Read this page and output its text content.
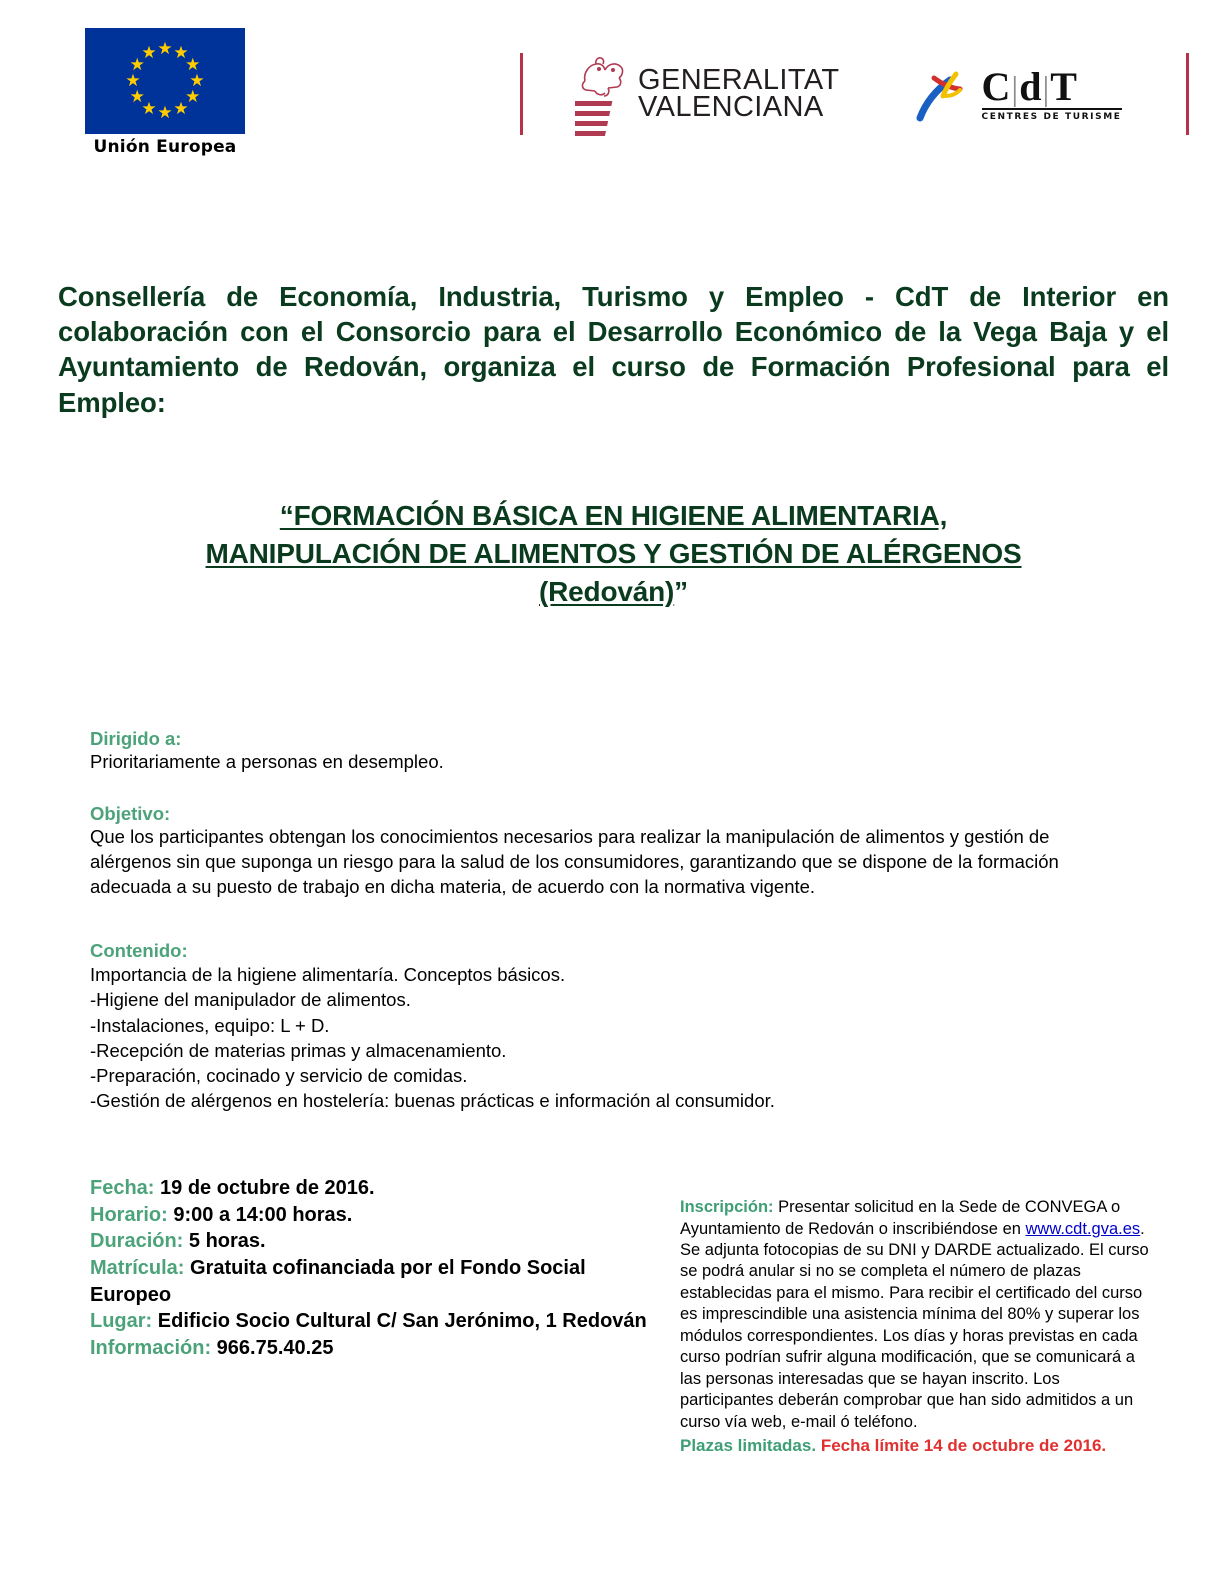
★ ★
★
★
★
★
★
★
★
★
★
★
Unión Europea
GENERALITAT
VALENCIANA	C|d|T
CENTRES DE TURISME
Consellería de Economía, Industria, Turismo y Empleo - CdT de Interior en colaboración con el Consorcio para el Desarrollo Económico de la Vega Baja y el Ayuntamiento de Redován, organiza el curso de Formación Profesional para el Empleo:
“FORMACIÓN BÁSICA EN HIGIENE ALIMENTARIA,
MANIPULACIÓN DE ALIMENTOS Y GESTIÓN DE ALÉRGENOS
(Redován)”
Dirigido a:
Prioritariamente a personas en desempleo.
Objetivo:
Que los participantes obtengan los conocimientos necesarios para realizar la manipulación de alimentos y gestión de alérgenos sin que suponga un riesgo para la salud de los consumidores, garantizando que se dispone de la formación adecuada a su puesto de trabajo en dicha materia, de acuerdo con la normativa vigente.
Contenido:
Importancia de la higiene alimentaría. Conceptos básicos.
-Higiene del manipulador de alimentos.
-Instalaciones, equipo: L + D.
-Recepción de materias primas y almacenamiento.
-Preparación, cocinado y servicio de comidas.
-Gestión de alérgenos en hostelería: buenas prácticas e información al consumidor.
Fecha: 19 de octubre de 2016.
Horario: 9:00 a 14:00 horas.
Duración: 5 horas.
Matrícula: Gratuita cofinanciada por el Fondo Social Europeo
Lugar: Edificio Socio Cultural C/ San Jerónimo, 1 Redován
Información: 966.75.40.25
Inscripción: Presentar solicitud en la Sede de CONVEGA o Ayuntamiento de Redován o inscribiéndose en www.cdt.gva.es. Se adjunta fotocopias de su DNI y DARDE actualizado. El curso se podrá anular si no se completa el número de plazas establecidas para el mismo. Para recibir el certificado del curso es imprescindible una asistencia mínima del 80% y superar los módulos correspondientes. Los días y horas previstas en cada curso podrían sufrir alguna modificación, que se comunicará a las personas interesadas que se hayan inscrito. Los participantes deberán comprobar que han sido admitidos a un curso vía web, e-mail ó teléfono.
Plazas limitadas. Fecha límite 14 de octubre de 2016.
